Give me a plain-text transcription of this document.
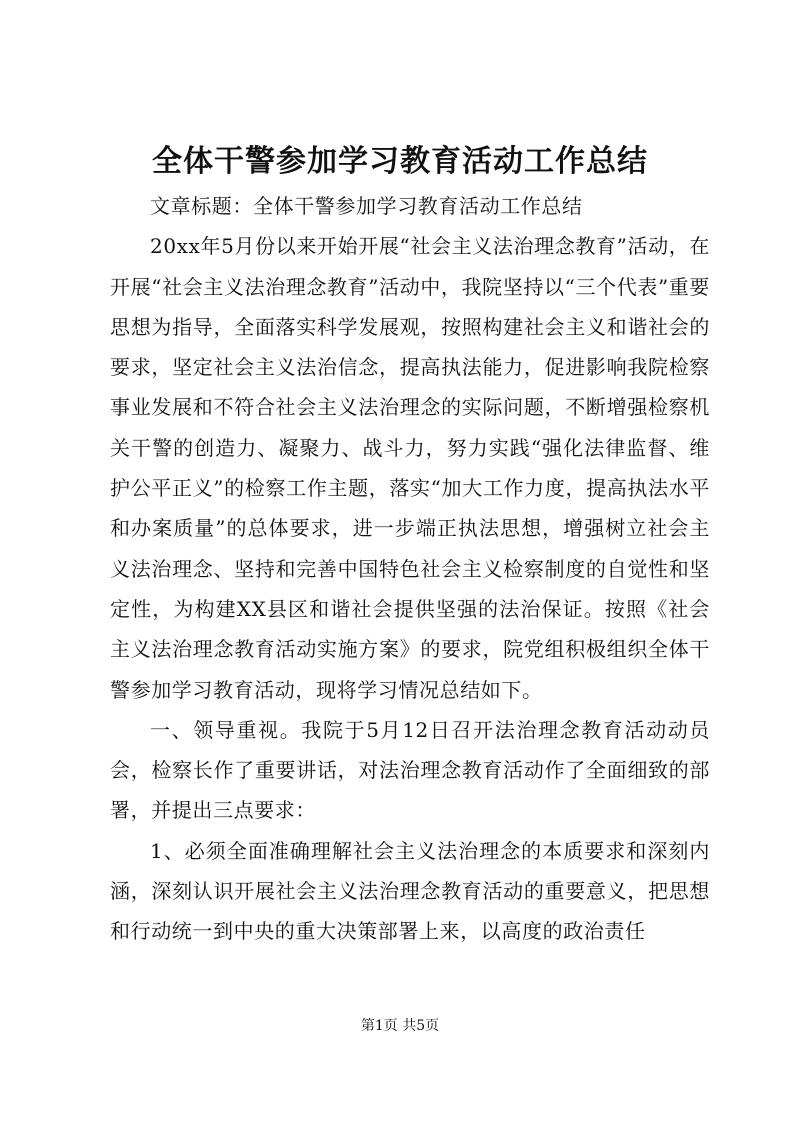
全体干警参加学习教育活动工作总结

文章标题：全体干警参加学习教育活动工作总结

20xx年5月份以来开始开展“社会主义法治理念教育”活动，在开展“社会主义法治理念教育”活动中，我院坚持以“三个代表”重要思想为指导，全面落实科学发展观，按照构建社会主义和谐社会的要求，坚定社会主义法治信念，提高执法能力，促进影响我院检察事业发展和不符合社会主义法治理念的实际问题，不断增强检察机关干警的创造力、凝聚力、战斗力，努力实践“强化法律监督、维护公平正义”的检察工作主题，落实“加大工作力度，提高执法水平和办案质量”的总体要求，进一步端正执法思想，增强树立社会主义法治理念、坚持和完善中国特色社会主义检察制度的自觉性和坚定性，为构建XX县区和谐社会提供坚强的法治保证。按照《社会主义法治理念教育活动实施方案》的要求，院党组积极组织全体干警参加学习教育活动，现将学习情况总结如下。

一、领导重视。我院于5月12日召开法治理念教育活动动员会，检察长作了重要讲话，对法治理念教育活动作了全面细致的部署，并提出三点要求：

1、必须全面准确理解社会主义法治理念的本质要求和深刻内涵，深刻认识开展社会主义法治理念教育活动的重要意义，把思想和行动统一到中央的重大决策部署上来，以高度的政治责任

第1页 共5页
